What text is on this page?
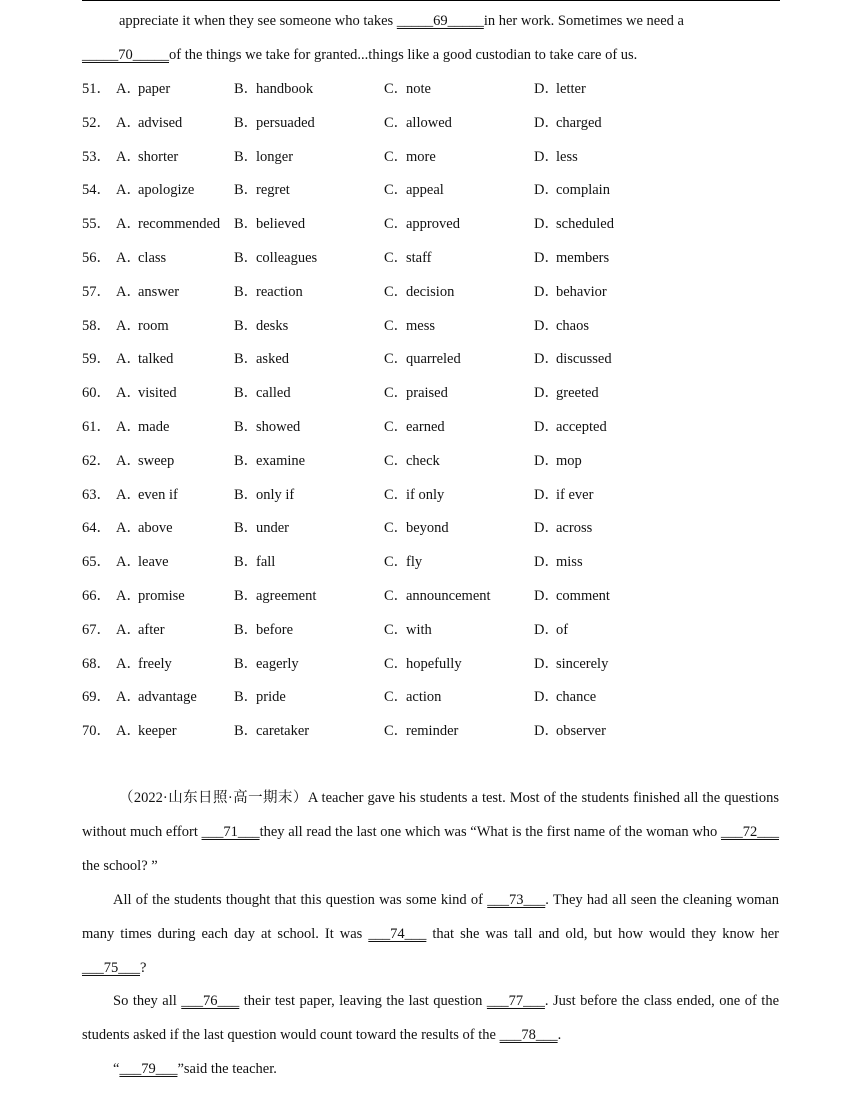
appreciate it when they see someone who takes _____69_____in her work. Sometimes we need a
_____70_____of the things we take for granted...things like a good custodian to take care of us.

51． A．paper	B．handbook	C．note	D．letter
52． A．advised	B．persuaded	C．allowed	D．charged
53． A．shorter	B．longer	C．more	D．less
54． A．apologize	B．regret	C．appeal	D．complain
55． A．recommended B．believed	C．approved	D．scheduled
56． A．class	B．colleagues	C．staff	D．members
57． A．answer	B．reaction	C．decision	D．behavior
58． A．room	B．desks	C．mess	D．chaos
59． A．talked	B．asked	C．quarreled	D．discussed
60． A．visited	B．called	C．praised	D．greeted
61． A．made	B．showed	C．earned	D．accepted
62． A．sweep	B．examine	C．check	D．mop
63． A．even if	B．only if	C．if only	D．if ever
64． A．above	B．under	C．beyond	D．across
65． A．leave	B．fall	C．fly	D．miss
66． A．promise	B．agreement	C．announcement	D．comment
67． A．after	B．before	C．with	D．of
68． A．freely	B．eagerly	C．hopefully	D．sincerely
69． A．advantage	B．pride	C．action	D．chance
70． A．keeper	B．caretaker	C．reminder	D．observer

（2022·山东日照·高一期末）A teacher gave his students a test. Most of the students finished all the questions without much effort ___71___they all read the last one which was “What is the first name of the woman who ___72___ the school? ”

All of the students thought that this question was some kind of ___73___. They had all seen the cleaning woman many times during each day at school. It was ___74___ that she was tall and old, but how would they know her ___75___?

So they all ___76___ their test paper, leaving the last question ___77___. Just before the class ended, one of the students asked if the last question would count toward the results of the ___78___.

“___79___”said the teacher.
